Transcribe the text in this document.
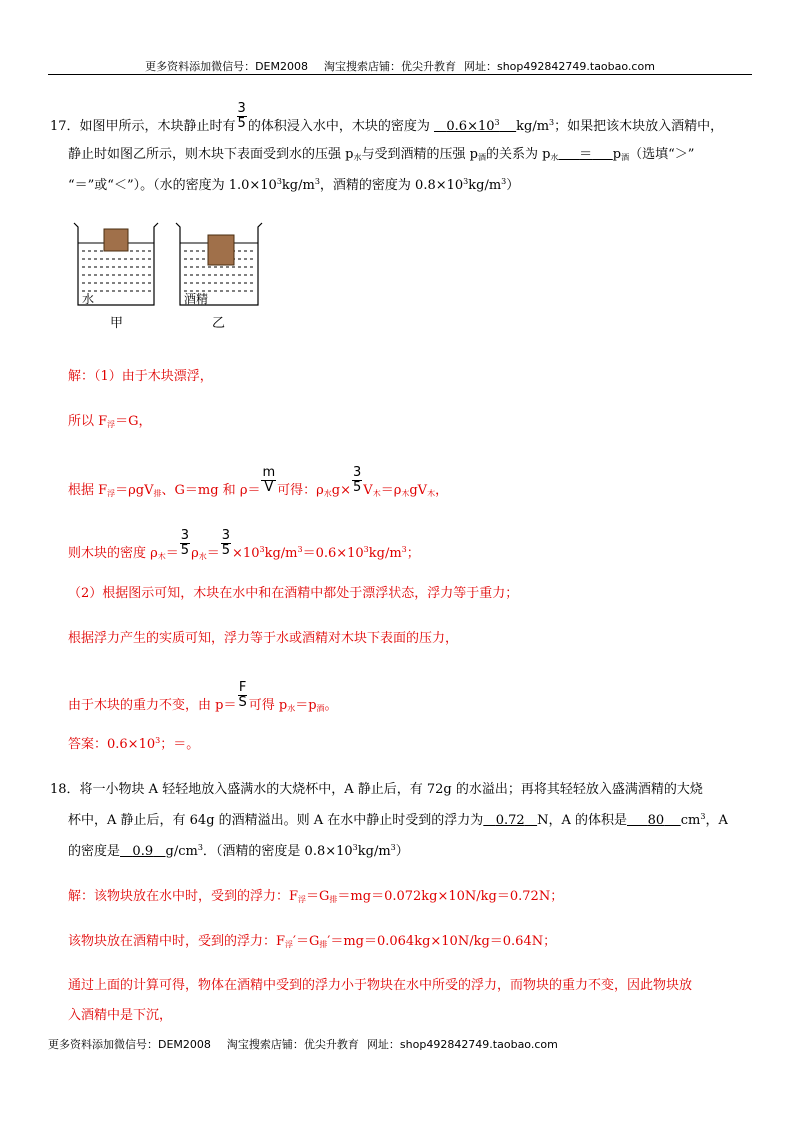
更多资料添加微信号：DEM2008 淘宝搜索店铺：优尖升教育 网址：shop492842749.taobao.com
17．如图甲所示，木块静止时有 $\frac{3}{5}$ 的体积浸入水中，木块的密度为 $0.6\times 10^3$ $kg/m^3$；如果把该木块放入酒精中，
静止时如图乙所示，则木块下表面受到水的压强 $p_水$与受到酒精的压强 $p_酒$的关系为 $p_水 = p_酒$（选填“＞”
“＝”或“＜”）。（水的密度为 $1.0\times 10^3kg/m^3$，酒精的密度为 $0.8\times 10^3kg/m^3$）
水
甲
酒精
乙
解：（1）由于木块漂浮，
所以 $F_浮=G$，
根据 $F_浮=\rho gV_排$、G＝mg 和 $\rho= \frac{m}{V}$ 可得：$\rho_水g\times \frac{3}{5} V_木=\rho_木gV_木$，
则木块的密度 $\rho_木= \frac{3}{5} \rho_水= \frac{3}{5} \times 10^3kg/m^3=0.6\times 10^3kg/m^3$；
（2）根据图示可知，木块在水中和在酒精中都处于漂浮状态，浮力等于重力；
根据浮力产生的实质可知，浮力等于水或酒精对木块下表面的压力，
由于木块的重力不变，由 $p= \frac{F}{S}$ 可得 $p_水=p_酒$。
答案：$0.6\times 10^3$；＝。
18．将一小物块 A 轻轻地放入盛满水的大烧杯中，A 静止后，有 72g 的水溢出；再将其轻轻放入盛满酒精的大烧
杯中，A 静止后，有 64g 的酒精溢出。则 A 在水中静止时受到的浮力为 0.72 N，A 的体积是 80 $cm^3$，A
的密度是 0.9 $g/cm^3$．（酒精的密度是 $0.8\times 10^3kg/m^3$）
解：该物块放在水中时，受到的浮力：$F_浮=G_排=mg=0.072kg\times 10N/kg=0.72N$；
该物块放在酒精中时，受到的浮力：$F_浮'=G_排'=mg=0.064kg\times 10N/kg=0.64N$；
通过上面的计算可得，物体在酒精中受到的浮力小于物块在水中所受的浮力，而物块的重力不变，因此物块放
入酒精中是下沉，
更多资料添加微信号：DEM2008 淘宝搜索店铺：优尖升教育 网址：shop492842749.taobao.com
